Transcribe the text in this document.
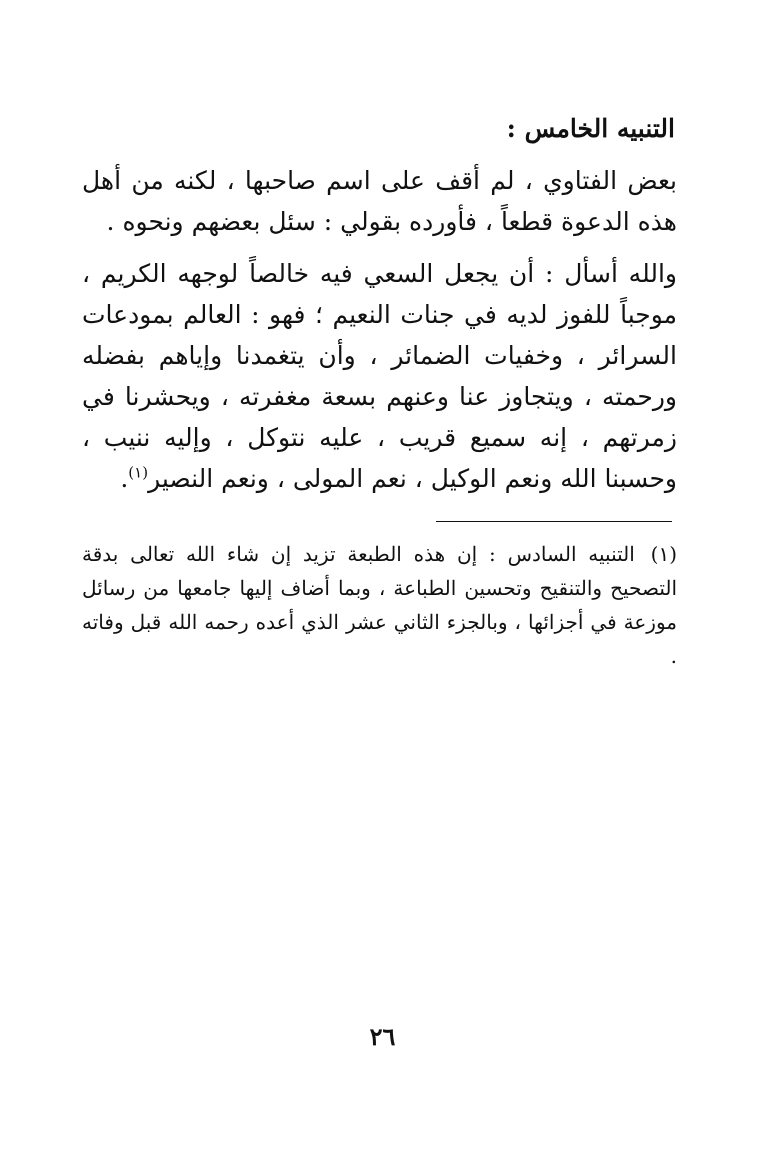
التنبيه الخامس :

بعض الفتاوي ، لم أقف على اسم صاحبها ، لكنه من أهل هذه الدعوة قطعاً ، فأورده بقولي : سئل بعضهم ونحوه .

والله أسأل : أن يجعل السعي فيه خالصاً لوجهه الكريم ، موجباً للفوز لديه في جنات النعيم ؛ فهو : العالم بمودعات السرائر ، وخفيات الضمائر ، وأن يتغمدنا وإياهم بفضله ورحمته ، ويتجاوز عنا وعنهم بسعة مغفرته ، ويحشرنا في زمرتهم ، إنه سميع قريب ، عليه نتوكل ، وإليه ننيب ، وحسبنا الله ونعم الوكيل ، نعم المولى ، ونعم النصير$^{(١)}$.

(١) التنبيه السادس : إن هذه الطبعة تزيد إن شاء الله تعالى بدقة التصحيح والتنقيح وتحسين الطباعة ، وبما أضاف إليها جامعها من رسائل موزعة في أجزائها ، وبالجزء الثاني عشر الذي أعده رحمه الله قبل وفاته .

٢٦
